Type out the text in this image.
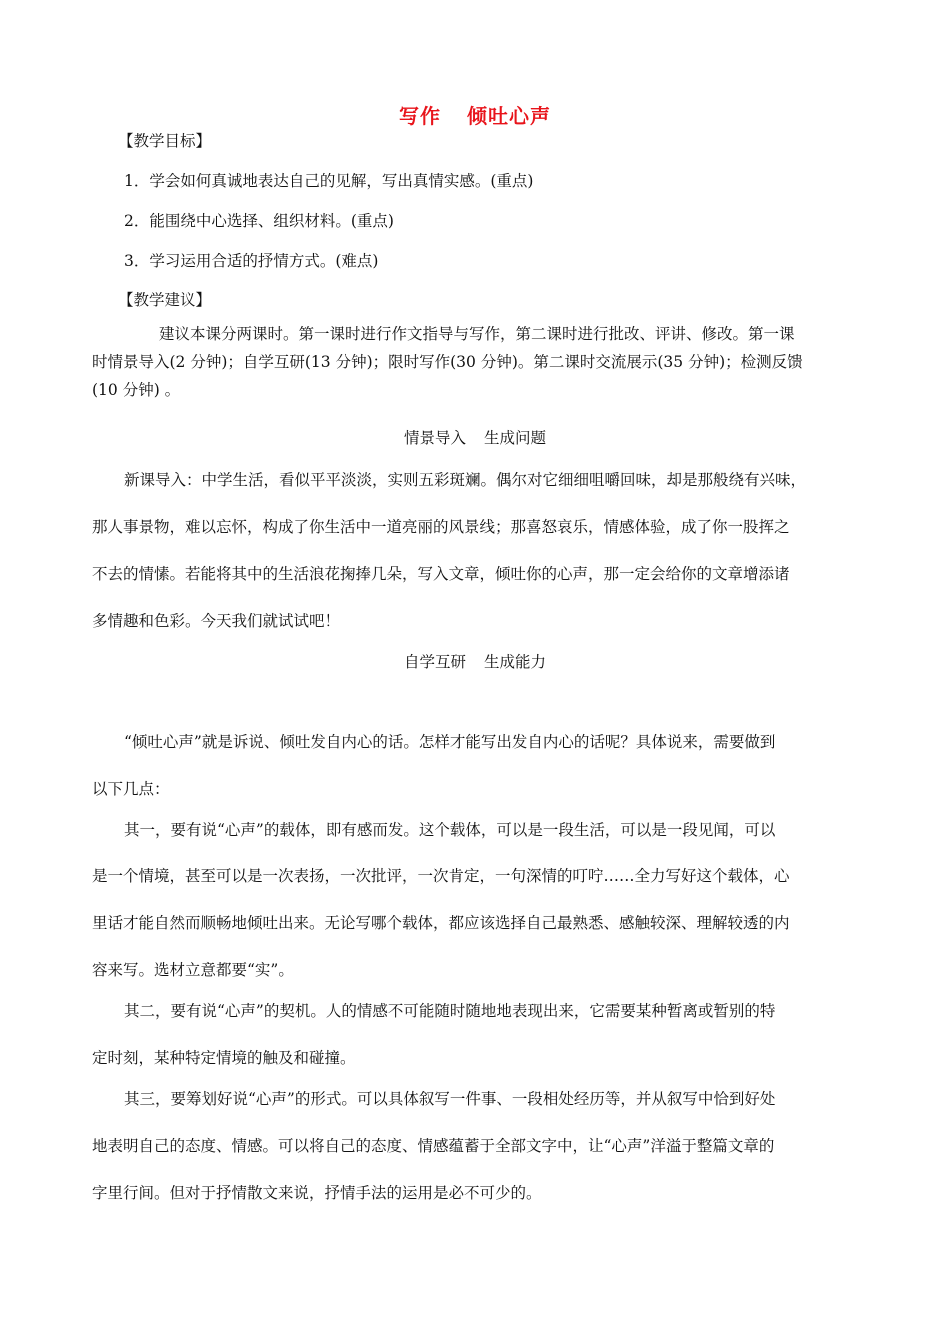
写作 倾吐心声
【教学目标】
1．学会如何真诚地表达自己的见解，写出真情实感。(重点)
2．能围绕中心选择、组织材料。(重点)
3．学习运用合适的抒情方式。(难点)
【教学建议】
建议本课分两课时。第一课时进行作文指导与写作，第二课时进行批改、评讲、修改。第一课
时情景导入(2 分钟)；自学互研(13 分钟)；限时写作(30 分钟)。第二课时交流展示(35 分钟)；检测反馈
(10 分钟) 。
情景导入 生成问题
新课导入：中学生活，看似平平淡淡，实则五彩斑斓。偶尔对它细细咀嚼回味，却是那般绕有兴味，
那人事景物，难以忘怀，构成了你生活中一道亮丽的风景线；那喜怒哀乐，情感体验，成了你一股挥之
不去的情愫。若能将其中的生活浪花掬捧几朵，写入文章，倾吐你的心声，那一定会给你的文章增添诸
多情趣和色彩。今天我们就试试吧！
自学互研 生成能力
“倾吐心声”就是诉说、倾吐发自内心的话。怎样才能写出发自内心的话呢？具体说来，需要做到
以下几点：
其一，要有说“心声”的载体，即有感而发。这个载体，可以是一段生活，可以是一段见闻，可以
是一个情境，甚至可以是一次表扬，一次批评，一次肯定，一句深情的叮咛……全力写好这个载体，心
里话才能自然而顺畅地倾吐出来。无论写哪个载体，都应该选择自己最熟悉、感触较深、理解较透的内
容来写。选材立意都要“实”。
其二，要有说“心声”的契机。人的情感不可能随时随地地表现出来，它需要某种暂离或暂别的特
定时刻，某种特定情境的触及和碰撞。
其三，要筹划好说“心声”的形式。可以具体叙写一件事、一段相处经历等，并从叙写中恰到好处
地表明自己的态度、情感。可以将自己的态度、情感蕴蓄于全部文字中，让“心声”洋溢于整篇文章的
字里行间。但对于抒情散文来说，抒情手法的运用是必不可少的。
